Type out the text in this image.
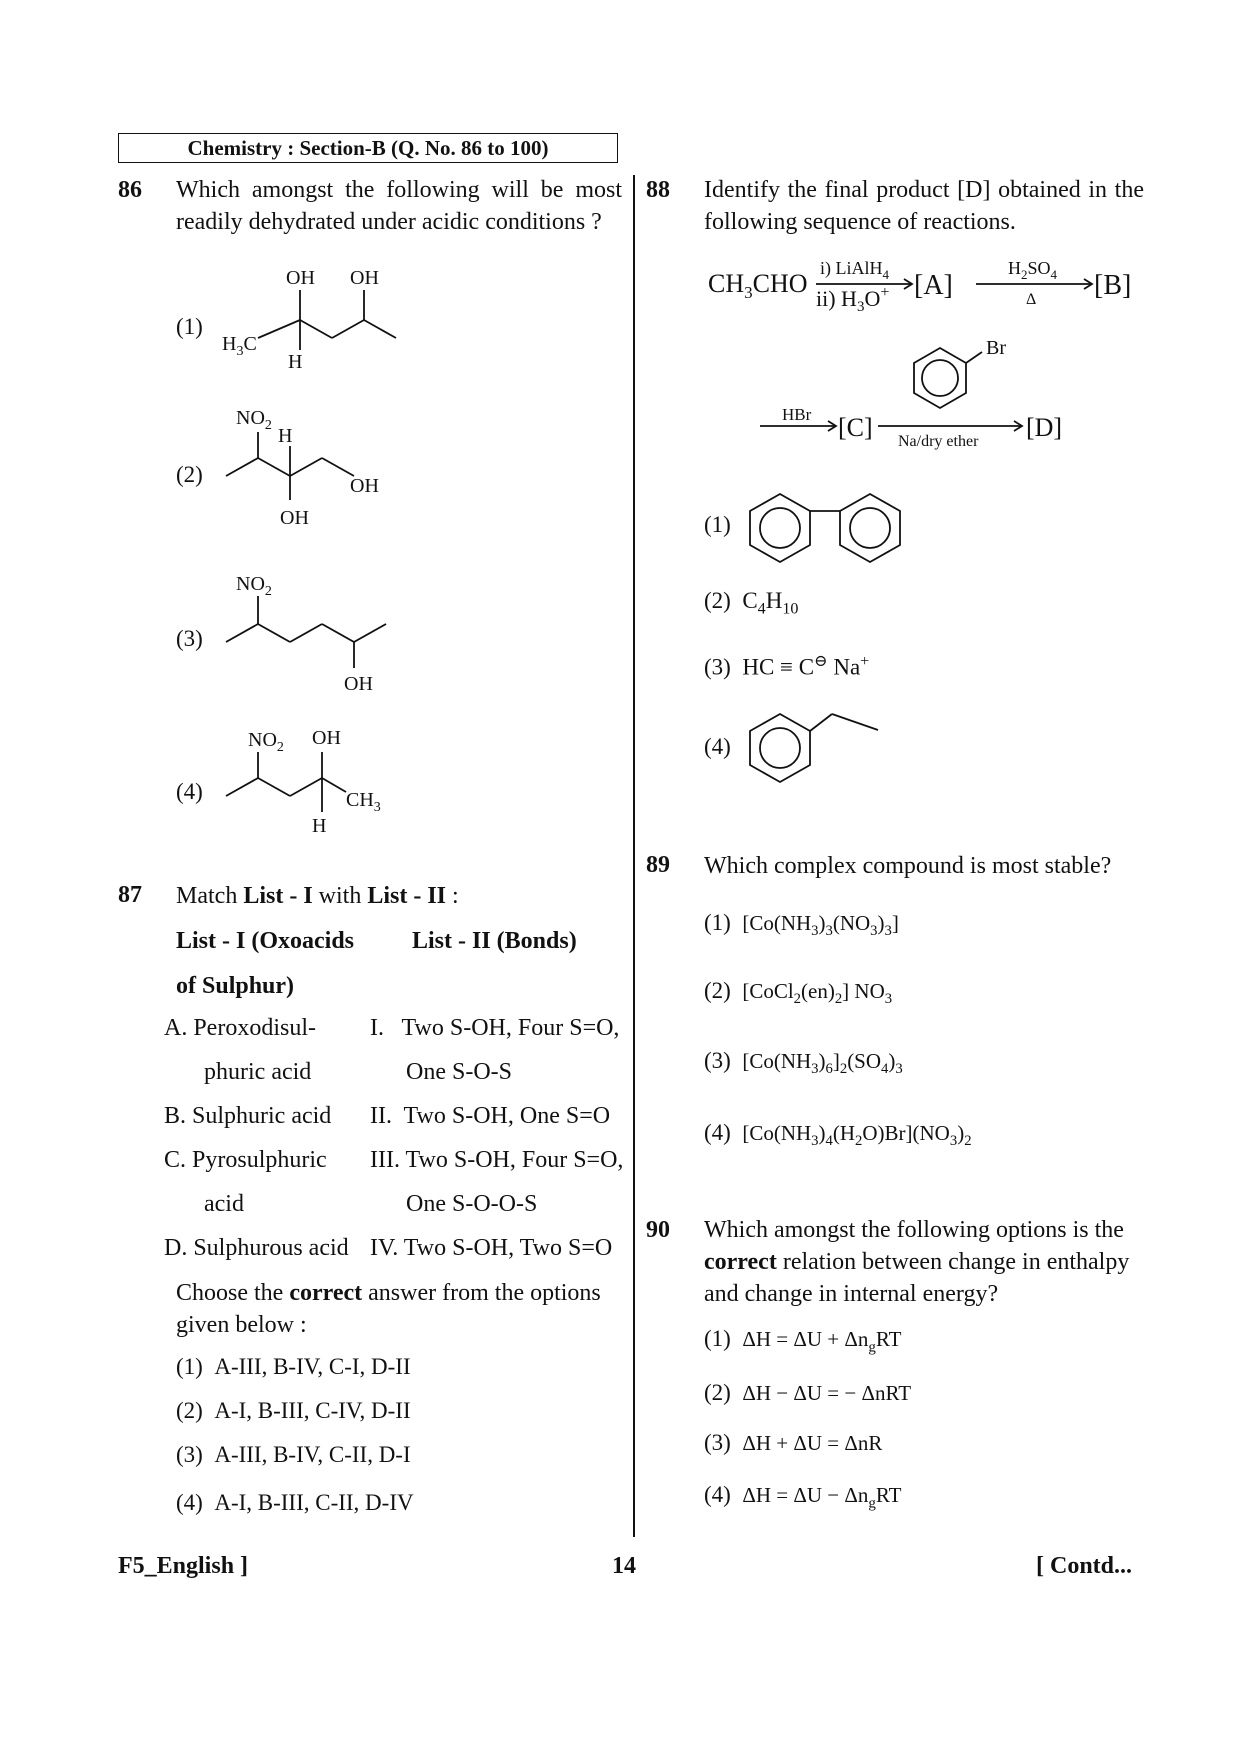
Chemistry : Section-B (Q. No. 86 to 100)
86 Which amongst the following will be most readily dehydrated under acidic conditions ?
(1)
(2)
(3)
(4)
OH OH
H
$H_3C$
$NO_2$ H
OH
OH
$NO_2$
OH
$NO_2$ OH
$CH_3$
H
87 Match List - I with List - II :
List - I (Oxoacids
of Sulphur)
List - II (Bonds)
A. Peroxodisul- I.   Two S-OH, Four S=O,
phuric acid	One S-O-S
B. Sulphuric acid II.  Two S-OH, One S=O
C. Pyrosulphuric III. Two S-OH, Four S=O,
acid	One S-O-O-S
D. Sulphurous acid IV. Two S-OH, Two S=O
Choose the correct answer from the options
given below :
(1) A-III, B-IV, C-I, D-II
(2) A-I, B-III, C-IV, D-II
(3) A-III, B-IV, C-II, D-I
(4) A-I, B-III, C-II, D-IV
88 Identify the final product [D] obtained in the following sequence of reactions.
$CH_3CHO$
i) LiAlH$_4$
ii) $H_3O^+$ [A]
$H_2SO_4$
Δ [B]
HBr [C]
Br
Na/dry ether [D]
(1)
(2) $C_4H_{10}$
(3) HC ≡ C⊖ Na+
(4)
89 Which complex compound is most stable?
(1) $[Co(NH_3)_3(NO_3)_3]$
(2) $[CoCl_2(en)_2]$ $NO_3$
(3) $[Co(NH_3)_6]_2(SO_4)_3$
(4) $[Co(NH_3)_4(H_2O)Br](NO_3)_2$
90 Which amongst the following options is the correct relation between change in enthalpy and change in internal energy?
(1) $\Delta H = \Delta U + \Delta n_gRT$
(2) ΔH − ΔU = − ΔnRT
(3) ΔH + ΔU = ΔnR
(4) $\Delta H = \Delta U - \Delta n_gRT$
F5_English ]	14	[ Contd...
